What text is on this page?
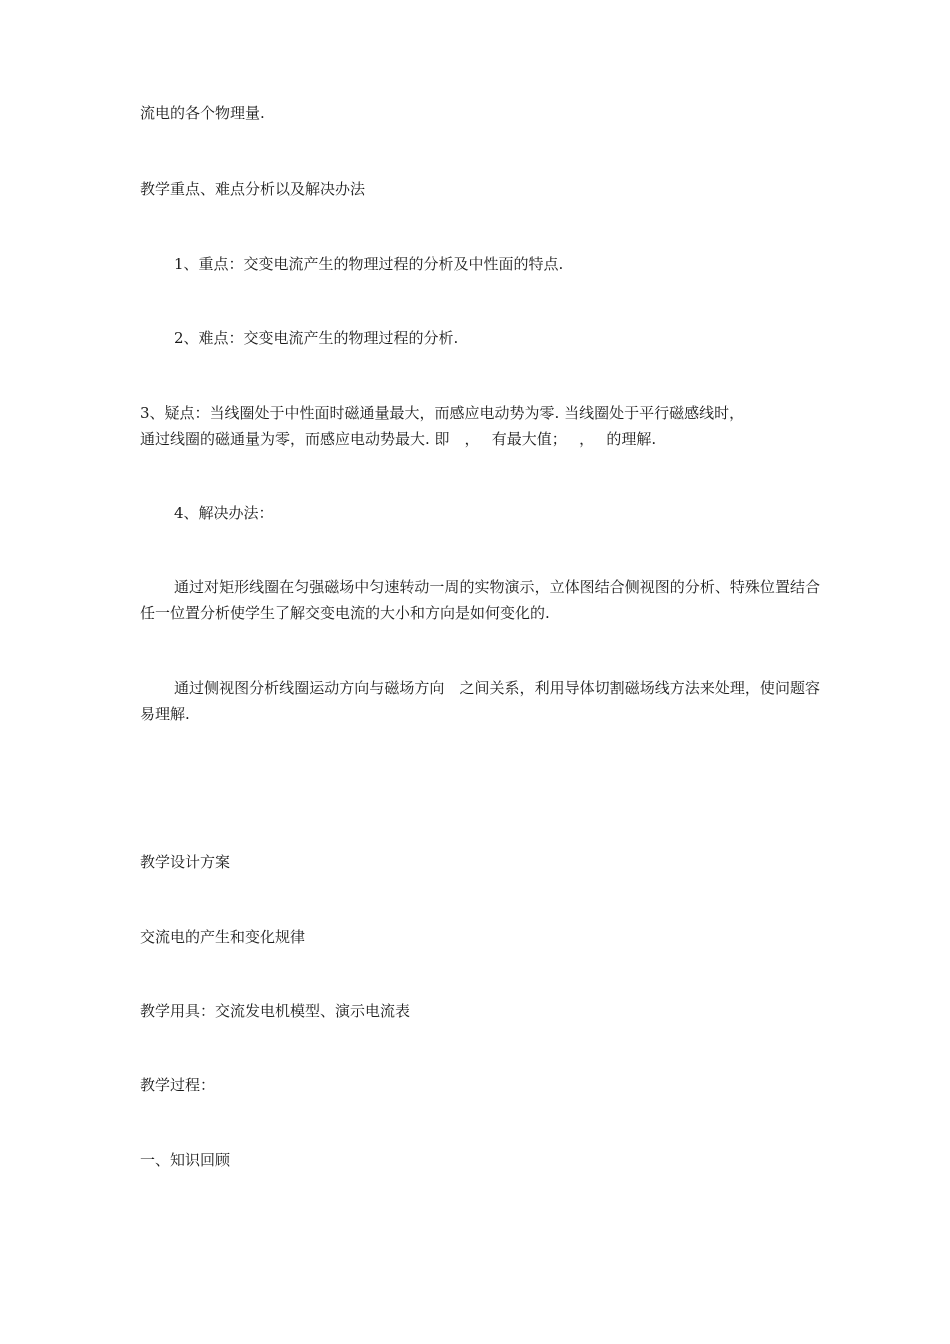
流电的各个物理量.

教学重点、难点分析以及解决办法

1、重点：交变电流产生的物理过程的分析及中性面的特点.

2、难点：交变电流产生的物理过程的分析.

3、疑点：当线圈处于中性面时磁通量最大，而感应电动势为零. 当线圈处于平行磁感线时，

通过线圈的磁通量为零，而感应电动势最大. 即　，　 有最大值；　 ，　 的理解.

4、解决办法：

通过对矩形线圈在匀强磁场中匀速转动一周的实物演示，立体图结合侧视图的分析、特殊位置结合任一位置分析使学生了解交变电流的大小和方向是如何变化的.

通过侧视图分析线圈运动方向与磁场方向　之间关系，利用导体切割磁场线方法来处理，使问题容易理解.

教学设计方案

交流电的产生和变化规律

教学用具：交流发电机模型、演示电流表

教学过程：

一、知识回顾
